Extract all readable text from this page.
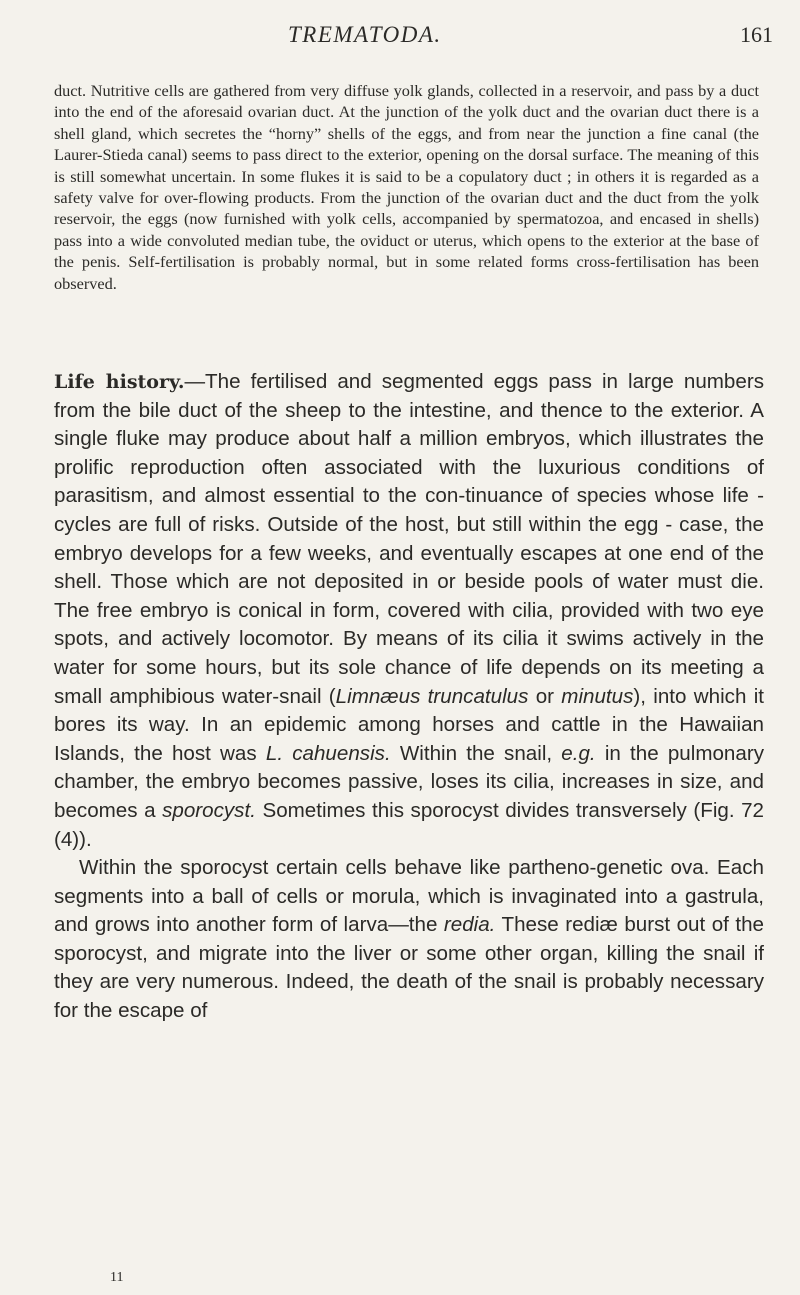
TREMATODA.	161

duct. Nutritive cells are gathered from very diffuse yolk glands, collected in a reservoir, and pass by a duct into the end of the aforesaid ovarian duct. At the junction of the yolk duct and the ovarian duct there is a shell gland, which secretes the “horny” shells of the eggs, and from near the junction a fine canal (the Laurer-Stieda canal) seems to pass direct to the exterior, opening on the dorsal surface. The meaning of this is still somewhat uncertain. In some flukes it is said to be a copulatory duct ; in others it is regarded as a safety valve for over-flowing products. From the junction of the ovarian duct and the duct from the yolk reservoir, the eggs (now furnished with yolk cells, accompanied by spermatozoa, and encased in shells) pass into a wide convoluted median tube, the oviduct or uterus, which opens to the exterior at the base of the penis. Self-fertilisation is probably normal, but in some related forms cross-fertilisation has been observed.

Life history.—The fertilised and segmented eggs pass in large numbers from the bile duct of the sheep to the intestine, and thence to the exterior. A single fluke may produce about half a million embryos, which illustrates the prolific reproduction often associated with the luxurious conditions of parasitism, and almost essential to the con-tinuance of species whose life - cycles are full of risks. Outside of the host, but still within the egg - case, the embryo develops for a few weeks, and eventually escapes at one end of the shell. Those which are not deposited in or beside pools of water must die. The free embryo is conical in form, covered with cilia, provided with two eye spots, and actively locomotor. By means of its cilia it swims actively in the water for some hours, but its sole chance of life depends on its meeting a small amphibious water-snail (Limnæus truncatulus or minutus), into which it bores its way. In an epidemic among horses and cattle in the Hawaiian Islands, the host was L. cahuensis. Within the snail, e.g. in the pulmonary chamber, the embryo becomes passive, loses its cilia, increases in size, and becomes a sporocyst. Sometimes this sporocyst divides transversely (Fig. 72 (4)).

Within the sporocyst certain cells behave like partheno-genetic ova. Each segments into a ball of cells or morula, which is invaginated into a gastrula, and grows into another form of larva—the redia. These rediæ burst out of the sporocyst, and migrate into the liver or some other organ, killing the snail if they are very numerous. Indeed, the death of the snail is probably necessary for the escape of

11
